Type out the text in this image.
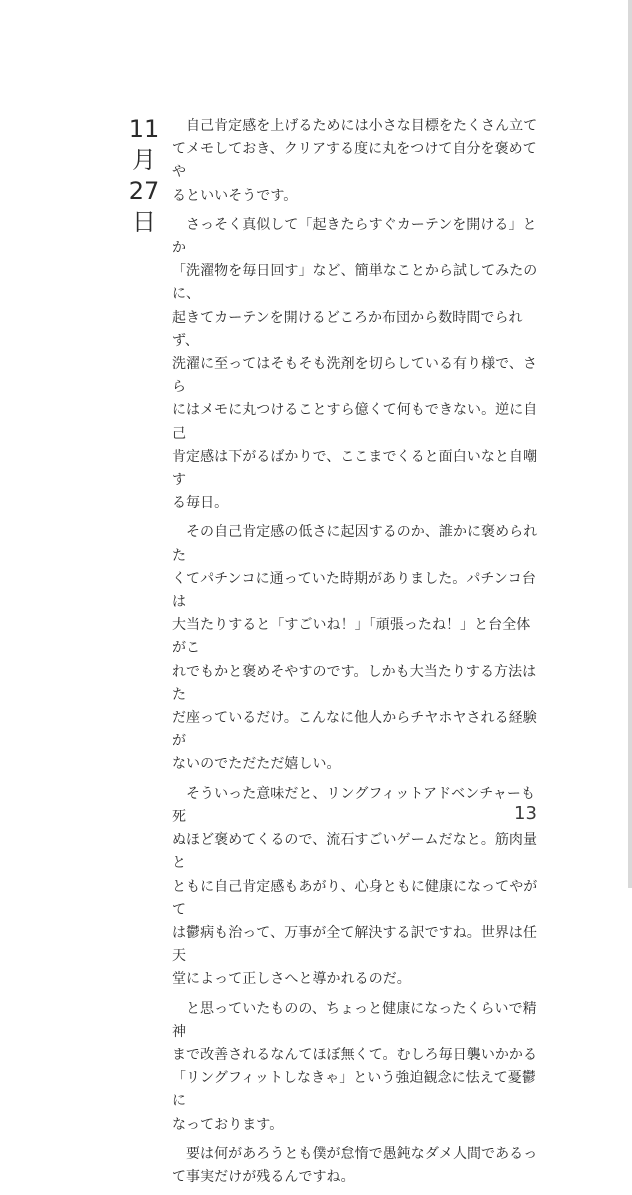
11
月
27
日

自己肯定感を上げるためには小さな目標をたくさん立て
てメモしておき、クリアする度に丸をつけて自分を褒めてや
るといいそうです。

さっそく真似して「起きたらすぐカーテンを開ける」とか
「洗濯物を毎日回す」など、簡単なことから試してみたのに、
起きてカーテンを開けるどころか布団から数時間でられず、
洗濯に至ってはそもそも洗剤を切らしている有り様で、さら
にはメモに丸つけることすら億くて何もできない。逆に自己
肯定感は下がるばかりで、ここまでくると面白いなと自嘲す
る毎日。

その自己肯定感の低さに起因するのか、誰かに褒められた
くてパチンコに通っていた時期がありました。パチンコ台は
大当たりすると「すごいね！」「頑張ったね！」と台全体がこ
れでもかと褒めそやすのです。しかも大当たりする方法はた
だ座っているだけ。こんなに他人からチヤホヤされる経験が
ないのでただただ嬉しい。

そういった意味だと、リングフィットアドベンチャーも死
ぬほど褒めてくるので、流石すごいゲームだなと。筋肉量と
ともに自己肯定感もあがり、心身ともに健康になってやがて
は鬱病も治って、万事が全て解決する訳ですね。世界は任天
堂によって正しさへと導かれるのだ。

と思っていたものの、ちょっと健康になったくらいで精神
まで改善されるなんてほぼ無くて。むしろ毎日襲いかかる
「リングフィットしなきゃ」という強迫観念に怯えて憂鬱に
なっております。

要は何があろうとも僕が怠惰で愚鈍なダメ人間であるっ
て事実だけが残るんですね。

13
